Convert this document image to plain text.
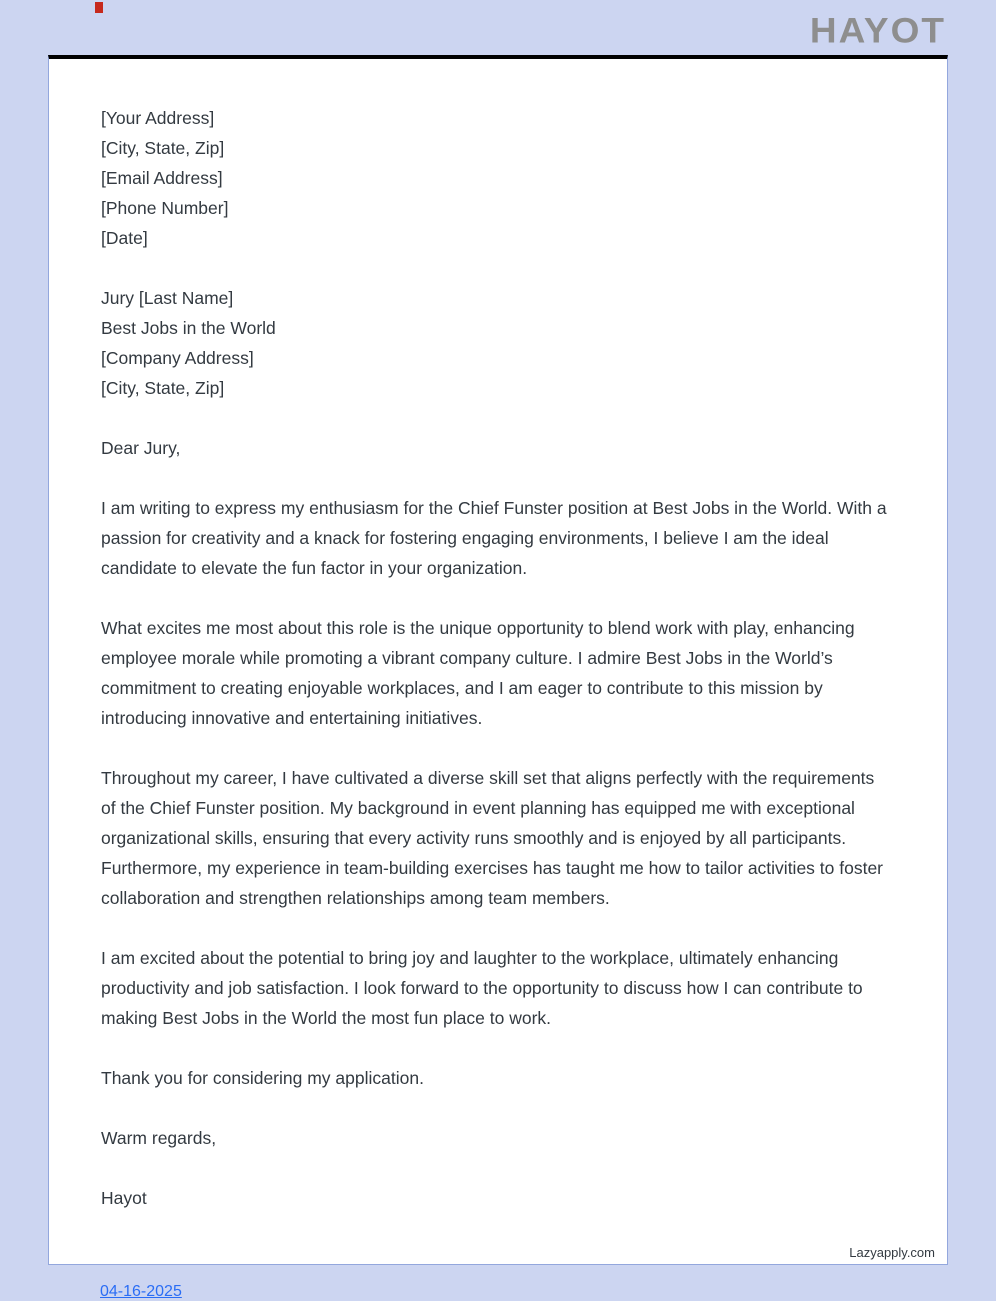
HAYOT
[Your Address]
[City, State, Zip]
[Email Address]
[Phone Number]
[Date]
Jury [Last Name]
Best Jobs in the World
[Company Address]
[City, State, Zip]
Dear Jury,
I am writing to express my enthusiasm for the Chief Funster position at Best Jobs in the World. With a passion for creativity and a knack for fostering engaging environments, I believe I am the ideal candidate to elevate the fun factor in your organization.
What excites me most about this role is the unique opportunity to blend work with play, enhancing employee morale while promoting a vibrant company culture. I admire Best Jobs in the World’s commitment to creating enjoyable workplaces, and I am eager to contribute to this mission by introducing innovative and entertaining initiatives.
Throughout my career, I have cultivated a diverse skill set that aligns perfectly with the requirements of the Chief Funster position. My background in event planning has equipped me with exceptional organizational skills, ensuring that every activity runs smoothly and is enjoyed by all participants. Furthermore, my experience in team-building exercises has taught me how to tailor activities to foster collaboration and strengthen relationships among team members.
I am excited about the potential to bring joy and laughter to the workplace, ultimately enhancing productivity and job satisfaction. I look forward to the opportunity to discuss how I can contribute to making Best Jobs in the World the most fun place to work.
Thank you for considering my application.
Warm regards,
Hayot
Lazyapply.com
04-16-2025
